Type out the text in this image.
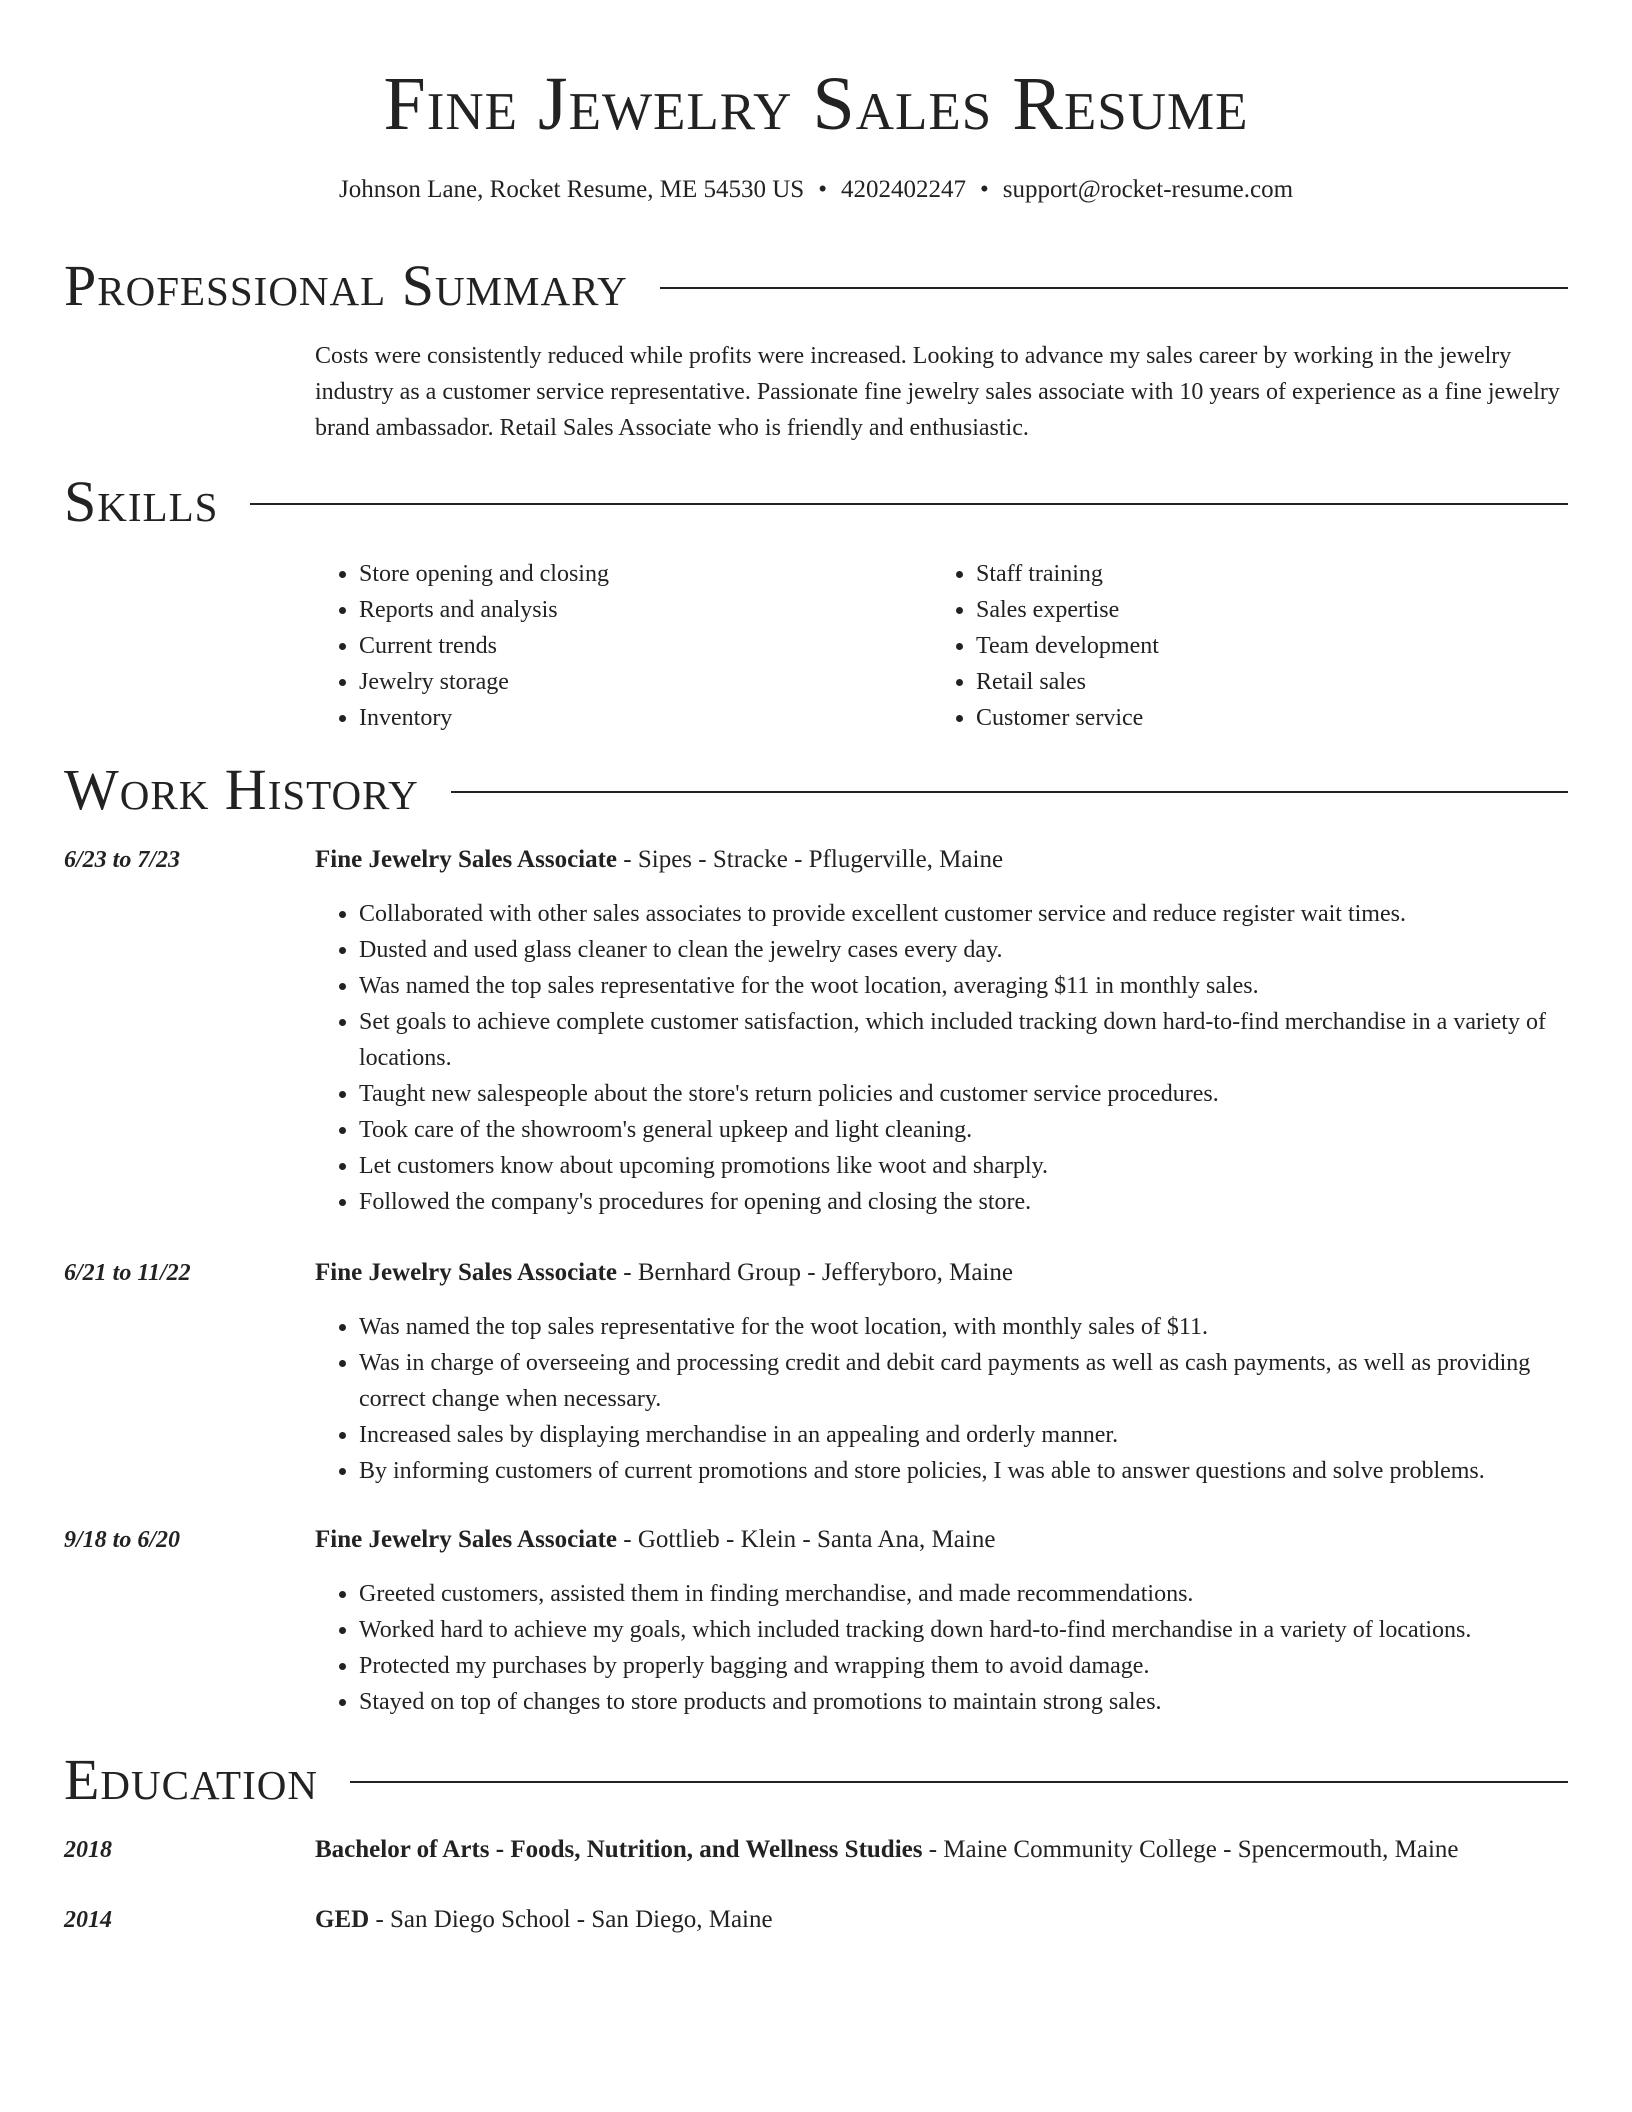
Fine Jewelry Sales Resume
Johnson Lane, Rocket Resume, ME 54530 US • 4202402247 • support@rocket-resume.com
Professional Summary

Costs were consistently reduced while profits were increased. Looking to advance my sales career by working in the jewelry industry as a customer service representative. Passionate fine jewelry sales associate with 10 years of experience as a fine jewelry brand ambassador. Retail Sales Associate who is friendly and enthusiastic.

Skills
• Store opening and closing
• Reports and analysis
• Current trends
• Jewelry storage
• Inventory
• Staff training
• Sales expertise
• Team development
• Retail sales
• Customer service
Work History
6/23 to 7/23	Fine Jewelry Sales Associate - Sipes - Stracke - Pflugerville, Maine
• Collaborated with other sales associates to provide excellent customer service and reduce register wait times.
• Dusted and used glass cleaner to clean the jewelry cases every day.
• Was named the top sales representative for the woot location, averaging $11 in monthly sales.
• Set goals to achieve complete customer satisfaction, which included tracking down hard-to-find merchandise in a variety of locations.
• Taught new salespeople about the store's return policies and customer service procedures.
• Took care of the showroom's general upkeep and light cleaning.
• Let customers know about upcoming promotions like woot and sharply.
• Followed the company's procedures for opening and closing the store.
6/21 to 11/22	Fine Jewelry Sales Associate - Bernhard Group - Jefferyboro, Maine
• Was named the top sales representative for the woot location, with monthly sales of $11.
• Was in charge of overseeing and processing credit and debit card payments as well as cash payments, as well as providing correct change when necessary.
• Increased sales by displaying merchandise in an appealing and orderly manner.
• By informing customers of current promotions and store policies, I was able to answer questions and solve problems.
9/18 to 6/20	Fine Jewelry Sales Associate - Gottlieb - Klein - Santa Ana, Maine
• Greeted customers, assisted them in finding merchandise, and made recommendations.
• Worked hard to achieve my goals, which included tracking down hard-to-find merchandise in a variety of locations.
• Protected my purchases by properly bagging and wrapping them to avoid damage.
• Stayed on top of changes to store products and promotions to maintain strong sales.
Education
2018	Bachelor of Arts - Foods, Nutrition, and Wellness Studies - Maine Community College - Spencermouth, Maine
2014	GED - San Diego School - San Diego, Maine
